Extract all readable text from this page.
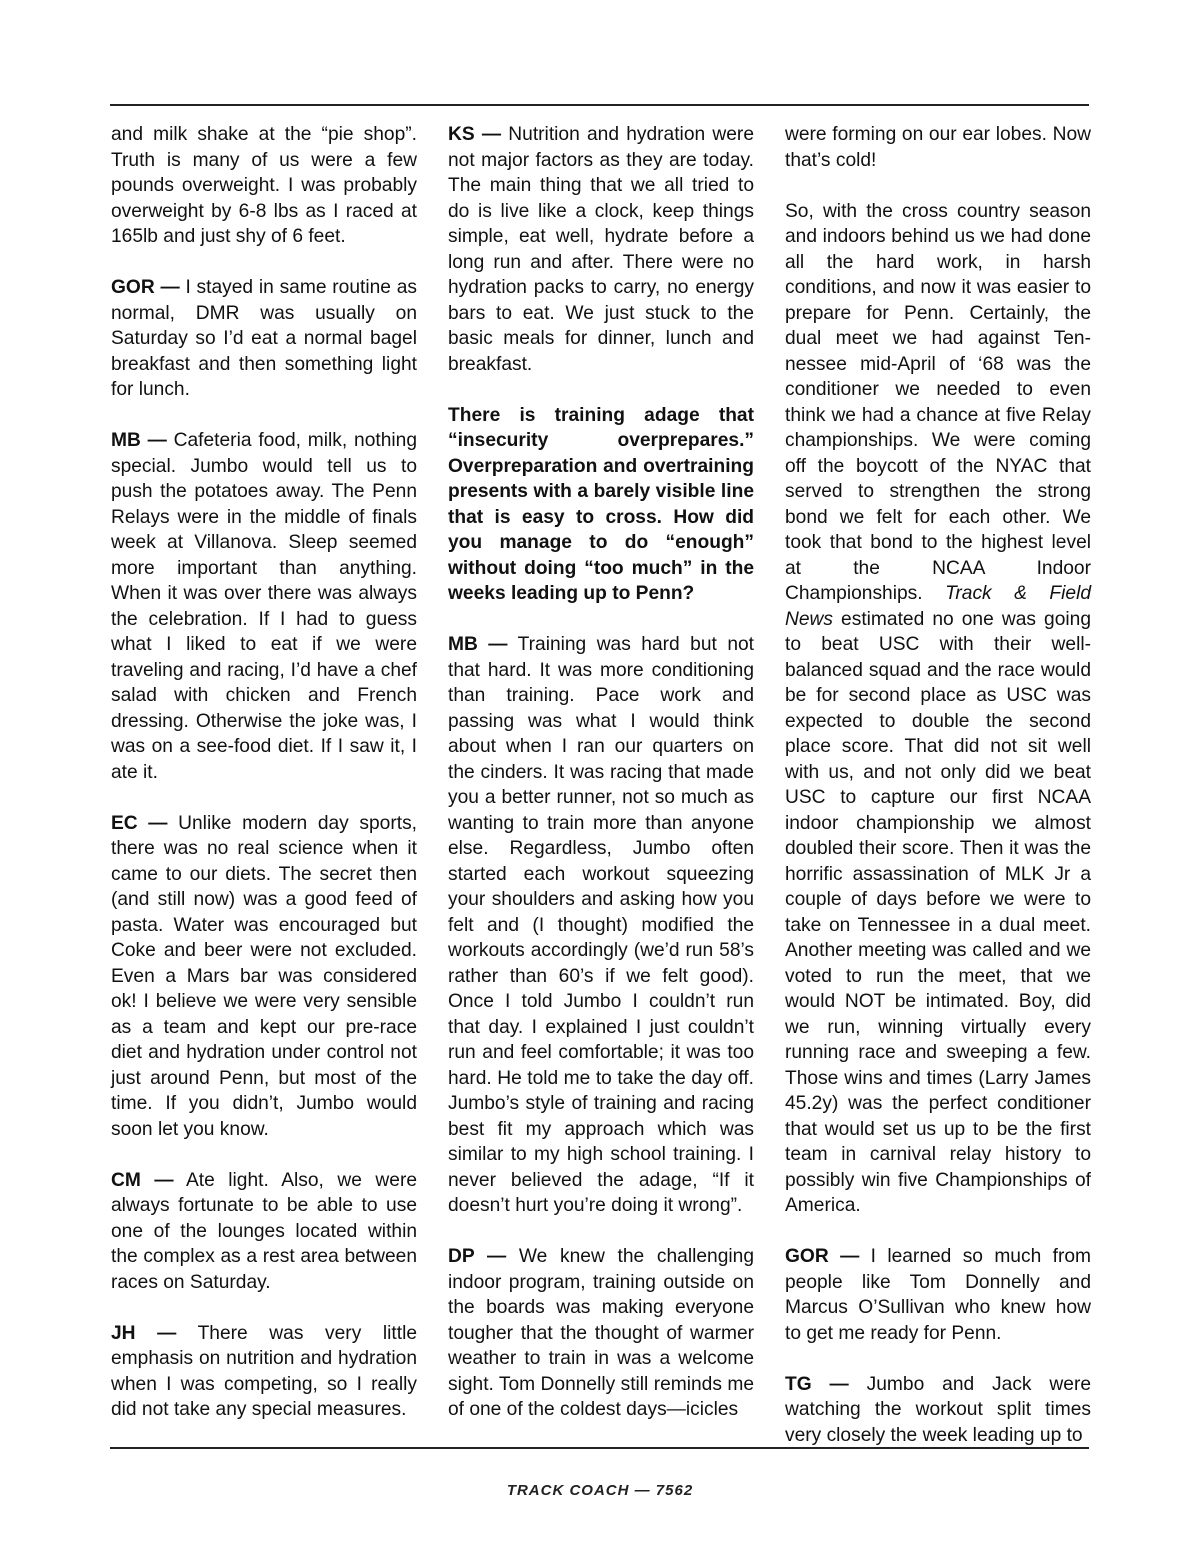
and milk shake at the “pie shop”. Truth is many of us were a few pounds overweight. I was probably overweight by 6-8 lbs as I raced at 165lb and just shy of 6 feet.

GOR — I stayed in same routine as normal, DMR was usually on Saturday so I’d eat a normal bagel breakfast and then something light for lunch.

MB — Cafeteria food, milk, nothing special. Jumbo would tell us to push the potatoes away. The Penn Relays were in the middle of finals week at Villanova. Sleep seemed more important than anything. When it was over there was always the celebration. If I had to guess what I liked to eat if we were traveling and racing, I’d have a chef salad with chicken and French dressing. Otherwise the joke was, I was on a see-food diet. If I saw it, I ate it.

EC — Unlike modern day sports, there was no real science when it came to our diets. The secret then (and still now) was a good feed of pasta. Water was encouraged but Coke and beer were not excluded. Even a Mars bar was considered ok! I believe we were very sensible as a team and kept our pre-race diet and hydration under control not just around Penn, but most of the time. If you didn’t, Jumbo would soon let you know.

CM — Ate light. Also, we were always fortunate to be able to use one of the lounges located within the complex as a rest area between races on Saturday.

JH — There was very little emphasis on nutrition and hydration when I was competing, so I really did not take any special measures.

KS — Nutrition and hydration were not major factors as they are today. The main thing that we all tried to do is live like a clock, keep things simple, eat well, hydrate before a long run and after. There were no hydration packs to carry, no energy bars to eat. We just stuck to the basic meals for dinner, lunch and breakfast.

There is training adage that “insecurity overprepares.” Overpreparation and overtraining presents with a barely visible line that is easy to cross. How did you manage to do “enough” without doing “too much” in the weeks leading up to Penn?

MB — Training was hard but not that hard. It was more conditioning than training. Pace work and passing was what I would think about when I ran our quarters on the cinders. It was racing that made you a better runner, not so much as wanting to train more than anyone else. Regardless, Jumbo often started each workout squeezing your shoulders and asking how you felt and (I thought) modified the workouts accordingly (we’d run 58’s rather than 60’s if we felt good). Once I told Jumbo I couldn’t run that day. I explained I just couldn’t run and feel comfortable; it was too hard. He told me to take the day off. Jumbo’s style of training and racing best fit my approach which was similar to my high school training. I never believed the adage, “If it doesn’t hurt you’re doing it wrong”.

DP — We knew the challenging indoor program, training outside on the boards was making everyone tougher that the thought of warmer weather to train in was a welcome sight. Tom Donnelly still reminds me of one of the coldest days—icicles

were forming on our ear lobes. Now that’s cold!

So, with the cross country season and indoors behind us we had done all the hard work, in harsh conditions, and now it was easier to prepare for Penn. Certainly, the dual meet we had against Tennessee mid-April of ‘68 was the conditioner we needed to even think we had a chance at five Relay championships. We were coming off the boycott of the NYAC that served to strengthen the strong bond we felt for each other. We took that bond to the highest level at the NCAA Indoor Championships. Track & Field News estimated no one was going to beat USC with their well-balanced squad and the race would be for second place as USC was expected to double the second place score. That did not sit well with us, and not only did we beat USC to capture our first NCAA indoor championship we almost doubled their score. Then it was the horrific assassination of MLK Jr a couple of days before we were to take on Tennessee in a dual meet. Another meeting was called and we voted to run the meet, that we would NOT be intimated. Boy, did we run, winning virtually every running race and sweeping a few. Those wins and times (Larry James 45.2y) was the perfect conditioner that would set us up to be the first team in carnival relay history to possibly win five Championships of America.

GOR — I learned so much from people like Tom Donnelly and Marcus O’Sullivan who knew how to get me ready for Penn.

TG — Jumbo and Jack were watching the workout split times very closely the week leading up to

TRACK COACH — 7562
